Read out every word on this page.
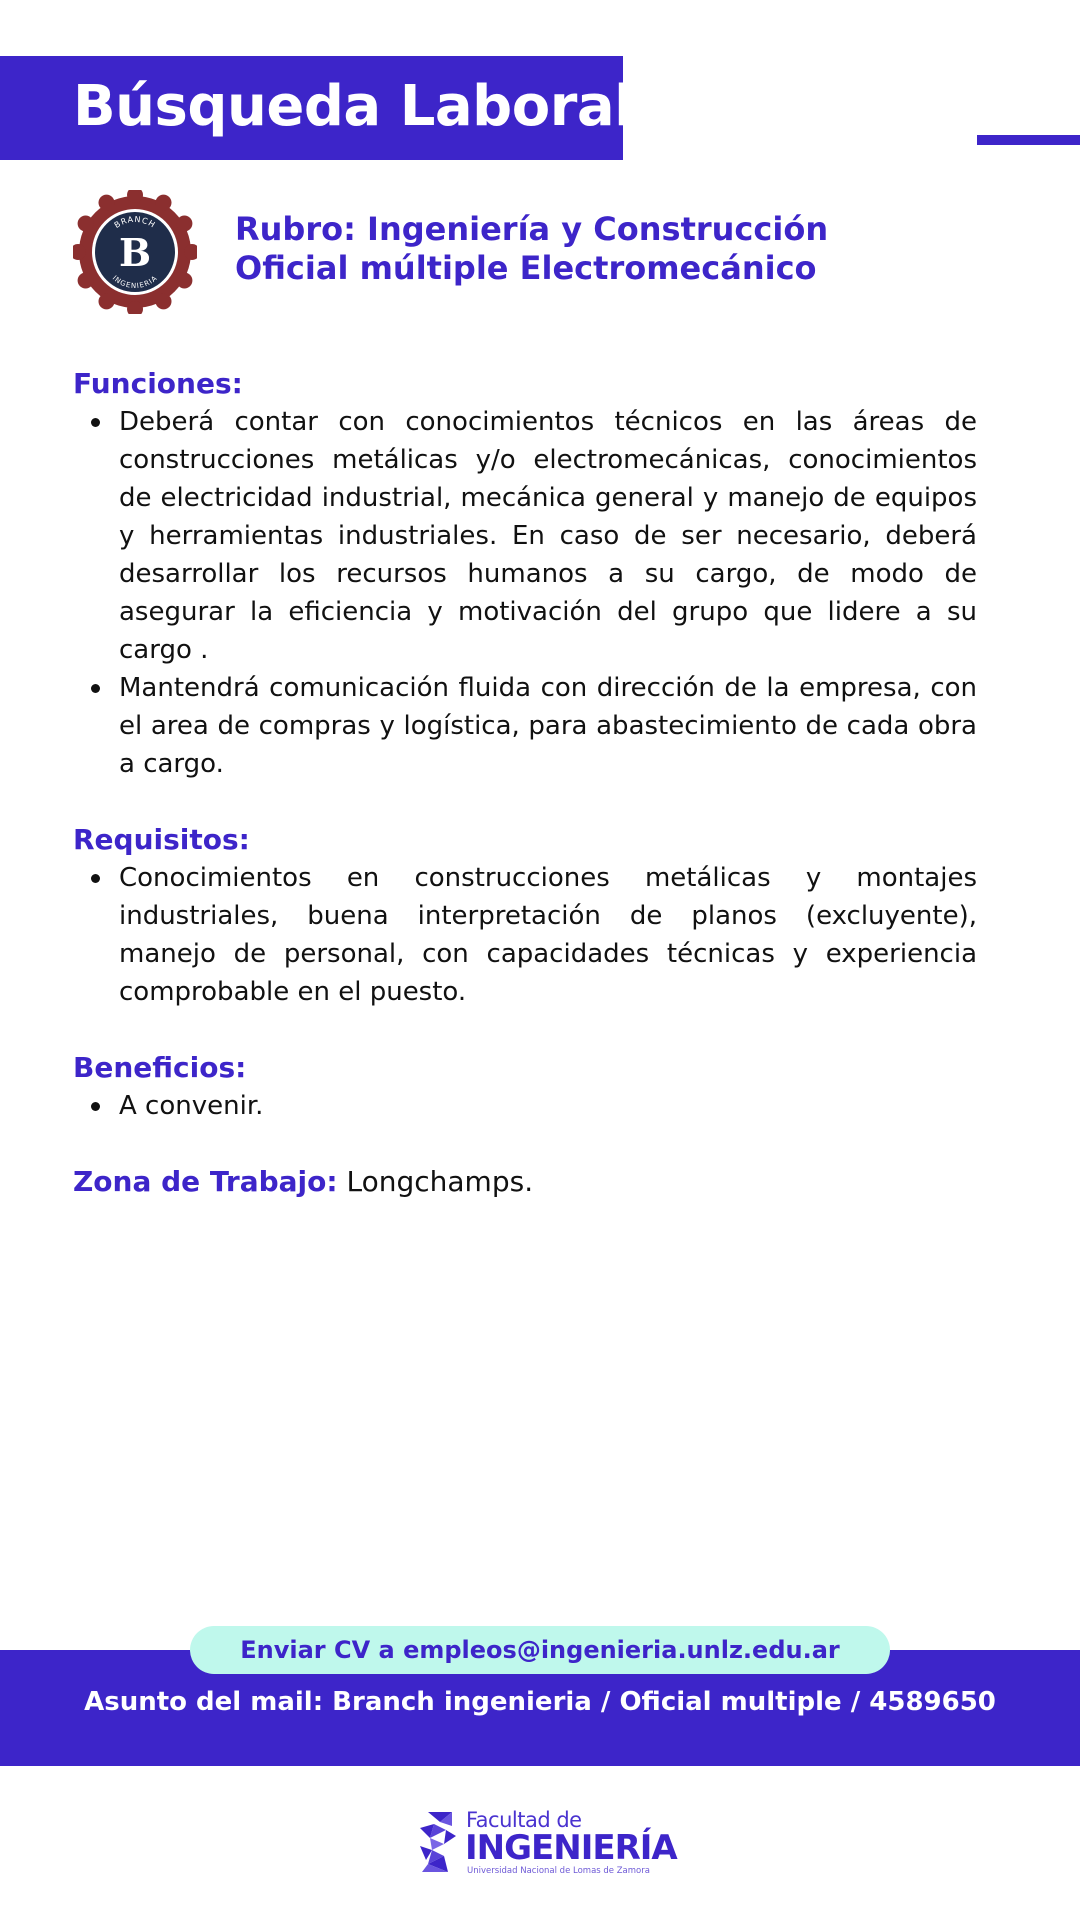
Búsqueda Laboral
BRANCH
INGENIERIA
B
Rubro: Ingeniería y Construcción
Oficial múltiple Electromecánico
Funciones:
Deberá contar con conocimientos técnicos en las áreas de construcciones metálicas y/o electromecánicas, conocimientos de electricidad industrial, mecánica general y manejo de equipos y herramientas industriales. En caso de ser necesario, deberá desarrollar los recursos humanos a su cargo, de modo de asegurar la eficiencia y motivación del grupo que lidere a su cargo .
Mantendrá comunicación fluida con dirección de la empresa, con el area de compras y logística, para abastecimiento de cada obra a cargo.
Requisitos:
Conocimientos en construcciones metálicas y montajes industriales, buena interpretación de planos (excluyente), manejo de personal, con capacidades técnicas y experiencia comprobable en el puesto.
Beneficios:
A convenir.
Zona de Trabajo: Longchamps.
Enviar CV a empleos@ingenieria.unlz.edu.ar
Asunto del mail: Branch ingenieria / Oficial multiple / 4589650
Facultad de
INGENIERÍA
Universidad Nacional de Lomas de Zamora
